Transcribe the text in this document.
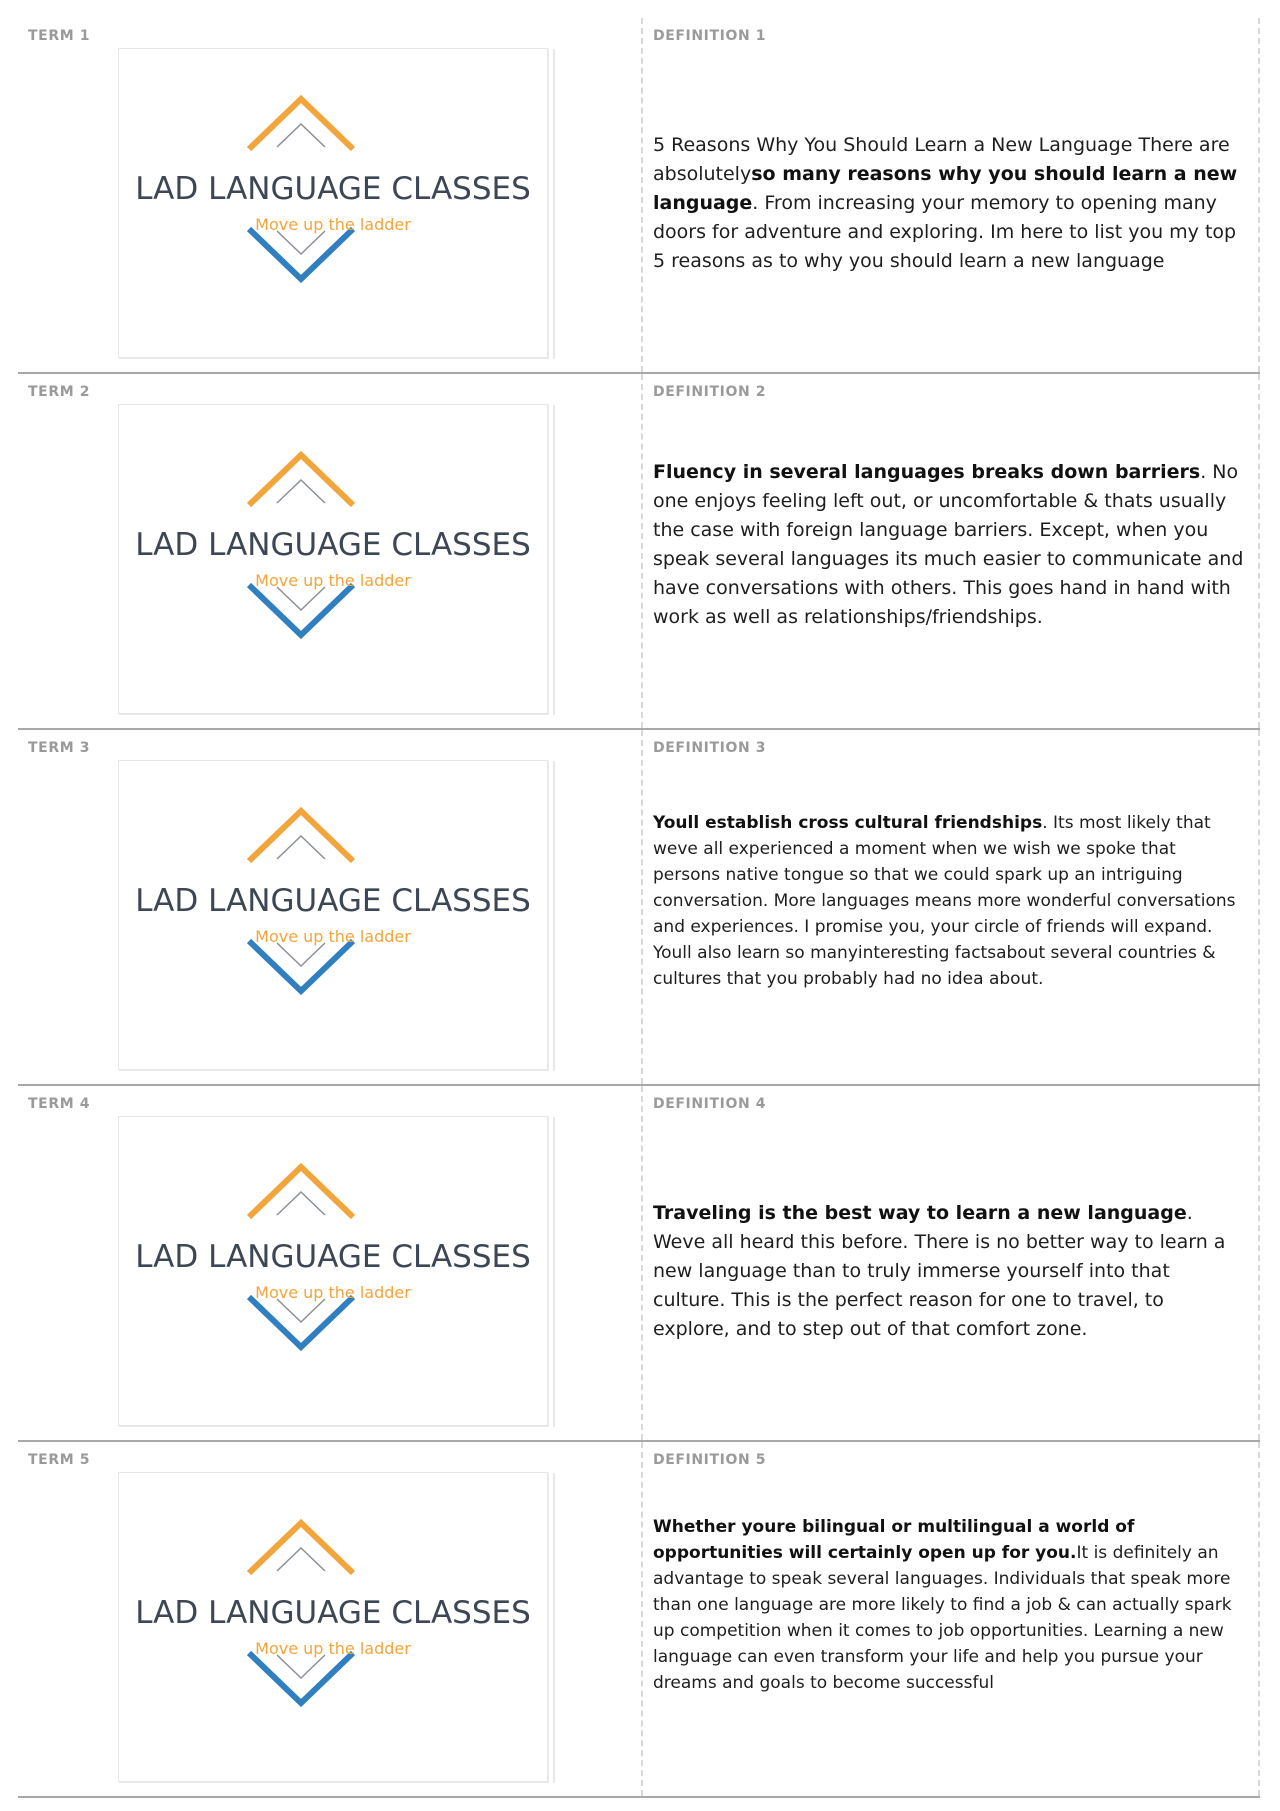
TERM 1
LAD LANGUAGE CLASSES
Move up the ladder
DEFINITION 1
5 Reasons Why You Should Learn a New Language There are absolutelyso many reasons why you should learn a new language. From increasing your memory to opening many doors for adventure and exploring. Im here to list you my top 5 reasons as to why you should learn a new language
TERM 2
LAD LANGUAGE CLASSES
Move up the ladder
DEFINITION 2
Fluency in several languages breaks down barriers. No one enjoys feeling left out, or uncomfortable & thats usually the case with foreign language barriers. Except, when you speak several languages its much easier to communicate and have conversations with others. This goes hand in hand with work as well as relationships/friendships.
TERM 3
LAD LANGUAGE CLASSES
Move up the ladder
DEFINITION 3
Youll establish cross cultural friendships. Its most likely that weve all experienced a moment when we wish we spoke that persons native tongue so that we could spark up an intriguing conversation. More languages means more wonderful conversations and experiences. I promise you, your circle of friends will expand. Youll also learn so manyinteresting factsabout several countries & cultures that you probably had no idea about.
TERM 4
LAD LANGUAGE CLASSES
Move up the ladder
DEFINITION 4
Traveling is the best way to learn a new language. Weve all heard this before. There is no better way to learn a new language than to truly immerse yourself into that culture. This is the perfect reason for one to travel, to explore, and to step out of that comfort zone.
TERM 5
LAD LANGUAGE CLASSES
Move up the ladder
DEFINITION 5
Whether youre bilingual or multilingual a world of opportunities will certainly open up for you.It is definitely an advantage to speak several languages. Individuals that speak more than one language are more likely to find a job & can actually spark up competition when it comes to job opportunities. Learning a new language can even transform your life and help you pursue your dreams and goals to become successful
